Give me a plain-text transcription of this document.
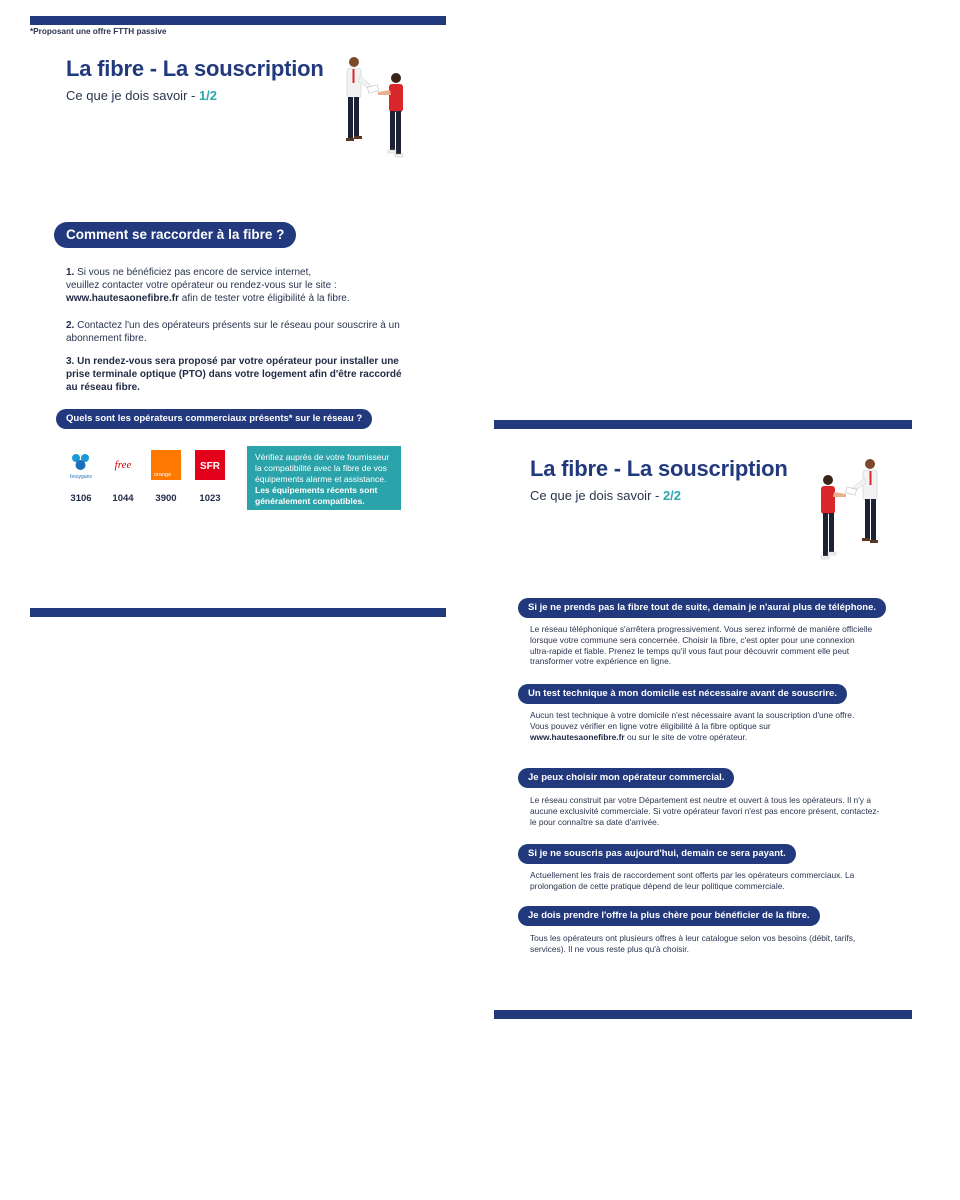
La fibre - La souscription
Ce que je dois savoir - 1/2
Comment se raccorder à la fibre ?
1. Si vous ne bénéficiez pas encore de service internet,
veuillez contacter votre opérateur ou rendez-vous sur le site :
www.hautesaonefibre.fr afin de tester votre éligibilité à la fibre.
2. Contactez l'un des opérateurs présents sur le réseau pour souscrire à un abonnement fibre.
3. Un rendez-vous sera proposé par votre opérateur pour installer une prise terminale optique (PTO) dans votre logement afin d'être raccordé au réseau fibre.
Quels sont les opérateurs commerciaux présents* sur le réseau ?
bouygues
free
orange
SFR
3106	1044	3900	1023
Vérifiez auprès de votre fournisseur la compatibilité avec la fibre de vos équipements alarme et assistance. Les équipements récents sont généralement compatibles.

*Proposant une offre FTTH passive
La fibre - La souscription
Ce que je dois savoir - 2/2
Si je ne prends pas la fibre tout de suite, demain je n'aurai plus de téléphone.
Le réseau téléphonique s'arrêtera progressivement. Vous serez informé de manière officielle lorsque votre commune sera concernée. Choisir la fibre, c'est opter pour une connexion ultra-rapide et fiable. Prenez le temps qu'il vous faut pour découvrir comment elle peut transformer votre expérience en ligne.
Un test technique à mon domicile est nécessaire avant de souscrire.
Aucun test technique à votre domicile n'est nécessaire avant la souscription d'une offre.
Vous pouvez vérifier en ligne votre éligibilité à la fibre optique sur
www.hautesaonefibre.fr ou sur le site de votre opérateur.
Je peux choisir mon opérateur commercial.
Le réseau construit par votre Département est neutre et ouvert à tous les opérateurs. Il n'y a aucune exclusivité commerciale. Si votre opérateur favori n'est pas encore présent, contactez-le pour connaître sa date d'arrivée.
Si je ne souscris pas aujourd'hui, demain ce sera payant.
Actuellement les frais de raccordement sont offerts par les opérateurs commerciaux. La prolongation de cette pratique dépend de leur politique commerciale.
Je dois prendre l'offre la plus chère pour bénéficier de la fibre.
Tous les opérateurs ont plusieurs offres à leur catalogue selon vos besoins (débit, tarifs, services). Il ne vous reste plus qu'à choisir.
